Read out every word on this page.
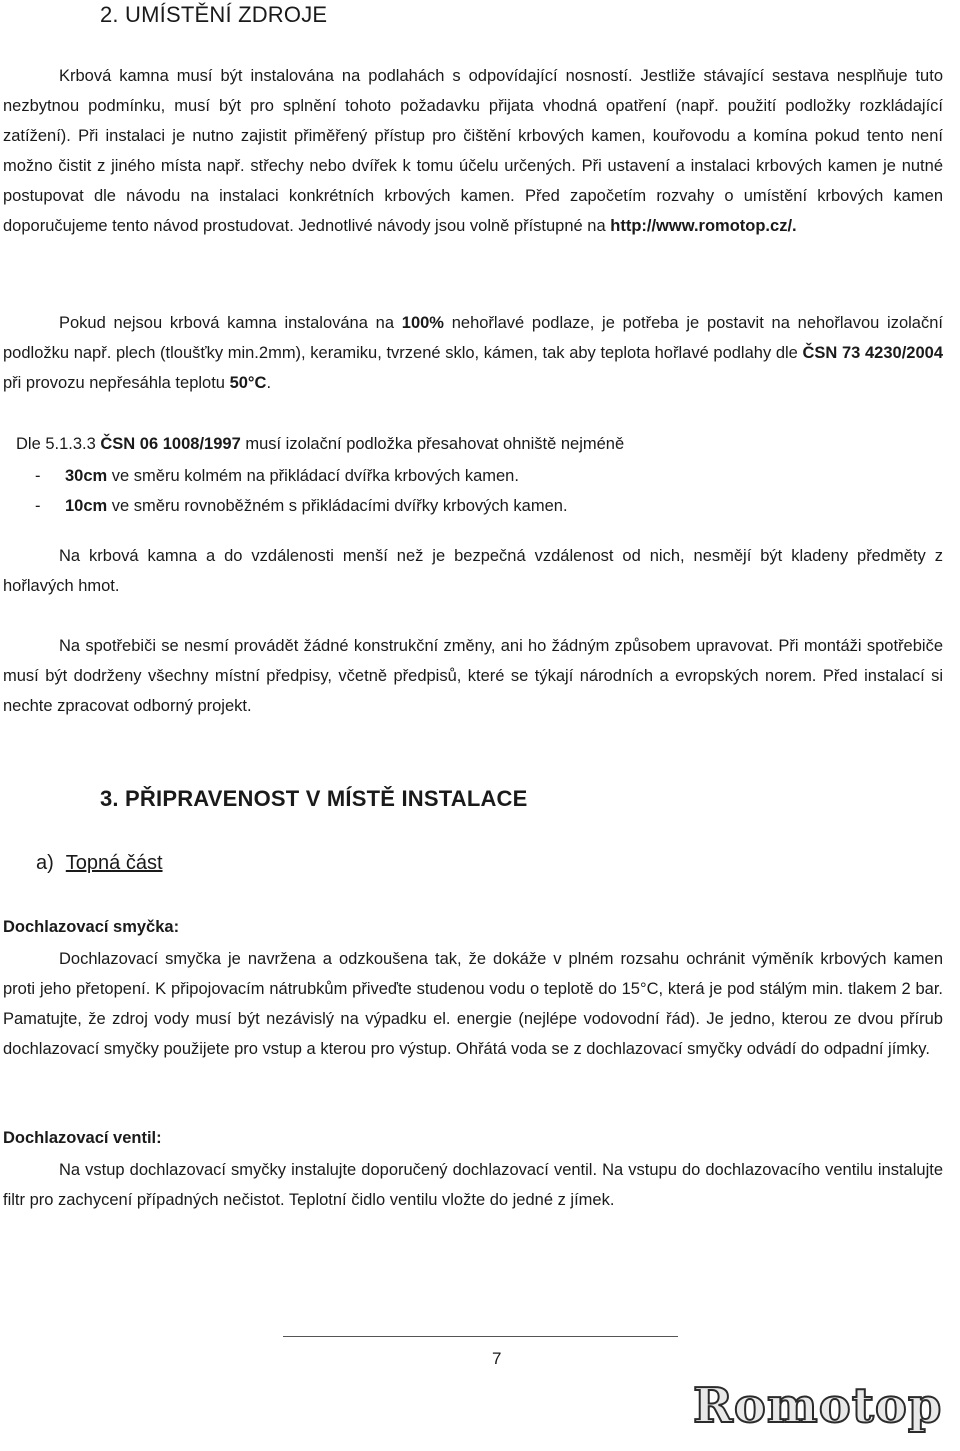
2. UMÍSTĚNÍ ZDROJE

Krbová kamna musí být instalována na podlahách s odpovídající nosností. Jestliže stávající sestava nesplňuje tuto nezbytnou podmínku, musí být pro splnění tohoto požadavku přijata vhodná opatření (např. použití podložky rozkládající zatížení). Při instalaci je nutno zajistit přiměřený přístup pro čištění krbových kamen, kouřovodu a komína pokud tento není možno čistit z jiného místa např. střechy nebo dvířek k tomu účelu určených. Při ustavení a instalaci krbových kamen je nutné postupovat dle návodu na instalaci konkrétních krbových kamen. Před započetím rozvahy o umístění krbových kamen doporučujeme tento návod prostudovat. Jednotlivé návody jsou volně přístupné na http://www.romotop.cz/.

Pokud nejsou krbová kamna instalována na 100% nehořlavé podlaze, je potřeba je postavit na nehořlavou izolační podložku např. plech (tloušťky min.2mm), keramiku, tvrzené sklo, kámen, tak aby teplota hořlavé podlahy dle ČSN 73 4230/2004 při provozu nepřesáhla teplotu 50°C.

Dle 5.1.3.3 ČSN 06 1008/1997 musí izolační podložka přesahovat ohniště nejméně

- 30cm ve směru kolmém na přikládací dvířka krbových kamen.
- 10cm ve směru rovnoběžném s přikládacími dvířky krbových kamen.

Na krbová kamna a do vzdálenosti menší než je bezpečná vzdálenost od nich, nesmějí být kladeny předměty z hořlavých hmot.

Na spotřebiči se nesmí provádět žádné konstrukční změny, ani ho žádným způsobem upravovat. Při montáži spotřebiče musí být dodrženy všechny místní předpisy, včetně předpisů, které se týkají národních a evropských norem. Před instalací si nechte zpracovat odborný projekt.

3. PŘIPRAVENOST V MÍSTĚ INSTALACE

a) Topná část

Dochlazovací smyčka:

Dochlazovací smyčka je navržena a odzkoušena tak, že dokáže v plném rozsahu ochránit výměník krbových kamen proti jeho přetopení. K připojovacím nátrubkům přiveďte studenou vodu o teplotě do 15°C, která je pod stálým min. tlakem 2 bar. Pamatujte, že zdroj vody musí být nezávislý na výpadku el. energie (nejlépe vodovodní řád). Je jedno, kterou ze dvou přírub dochlazovací smyčky použijete pro vstup a kterou pro výstup. Ohřátá voda se z dochlazovací smyčky odvádí do odpadní jímky.

Dochlazovací ventil:

Na vstup dochlazovací smyčky instalujte doporučený dochlazovací ventil. Na vstupu do dochlazovacího ventilu instalujte filtr pro zachycení případných nečistot. Teplotní čidlo ventilu vložte do jedné z jímek.

7
Romotop
